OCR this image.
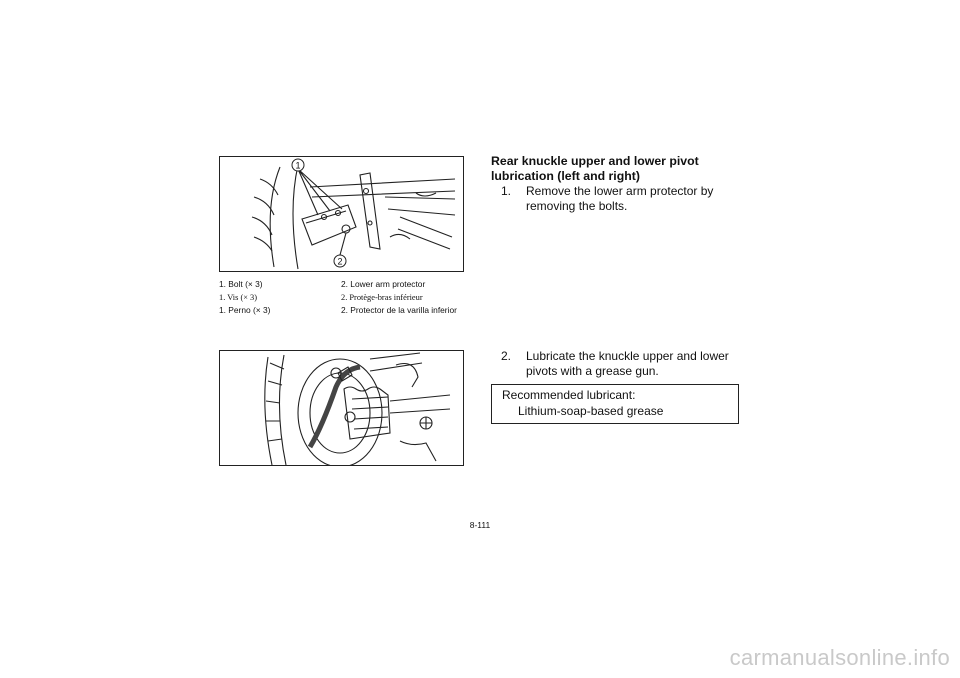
1
2
1. Bolt (× 3)	2. Lower arm protector
1. Vis (× 3)	2. Protège-bras inférieur
1. Perno (× 3)	2. Protector de la varilla inferior
Rear knuckle upper and lower pivot lubrication (left and right)
1. Remove the lower arm protector by removing the bolts.
2. Lubricate the knuckle upper and lower pivots with a grease gun.
Recommended lubricant:
Lithium-soap-based grease
8-111
carmanualsonline.info
